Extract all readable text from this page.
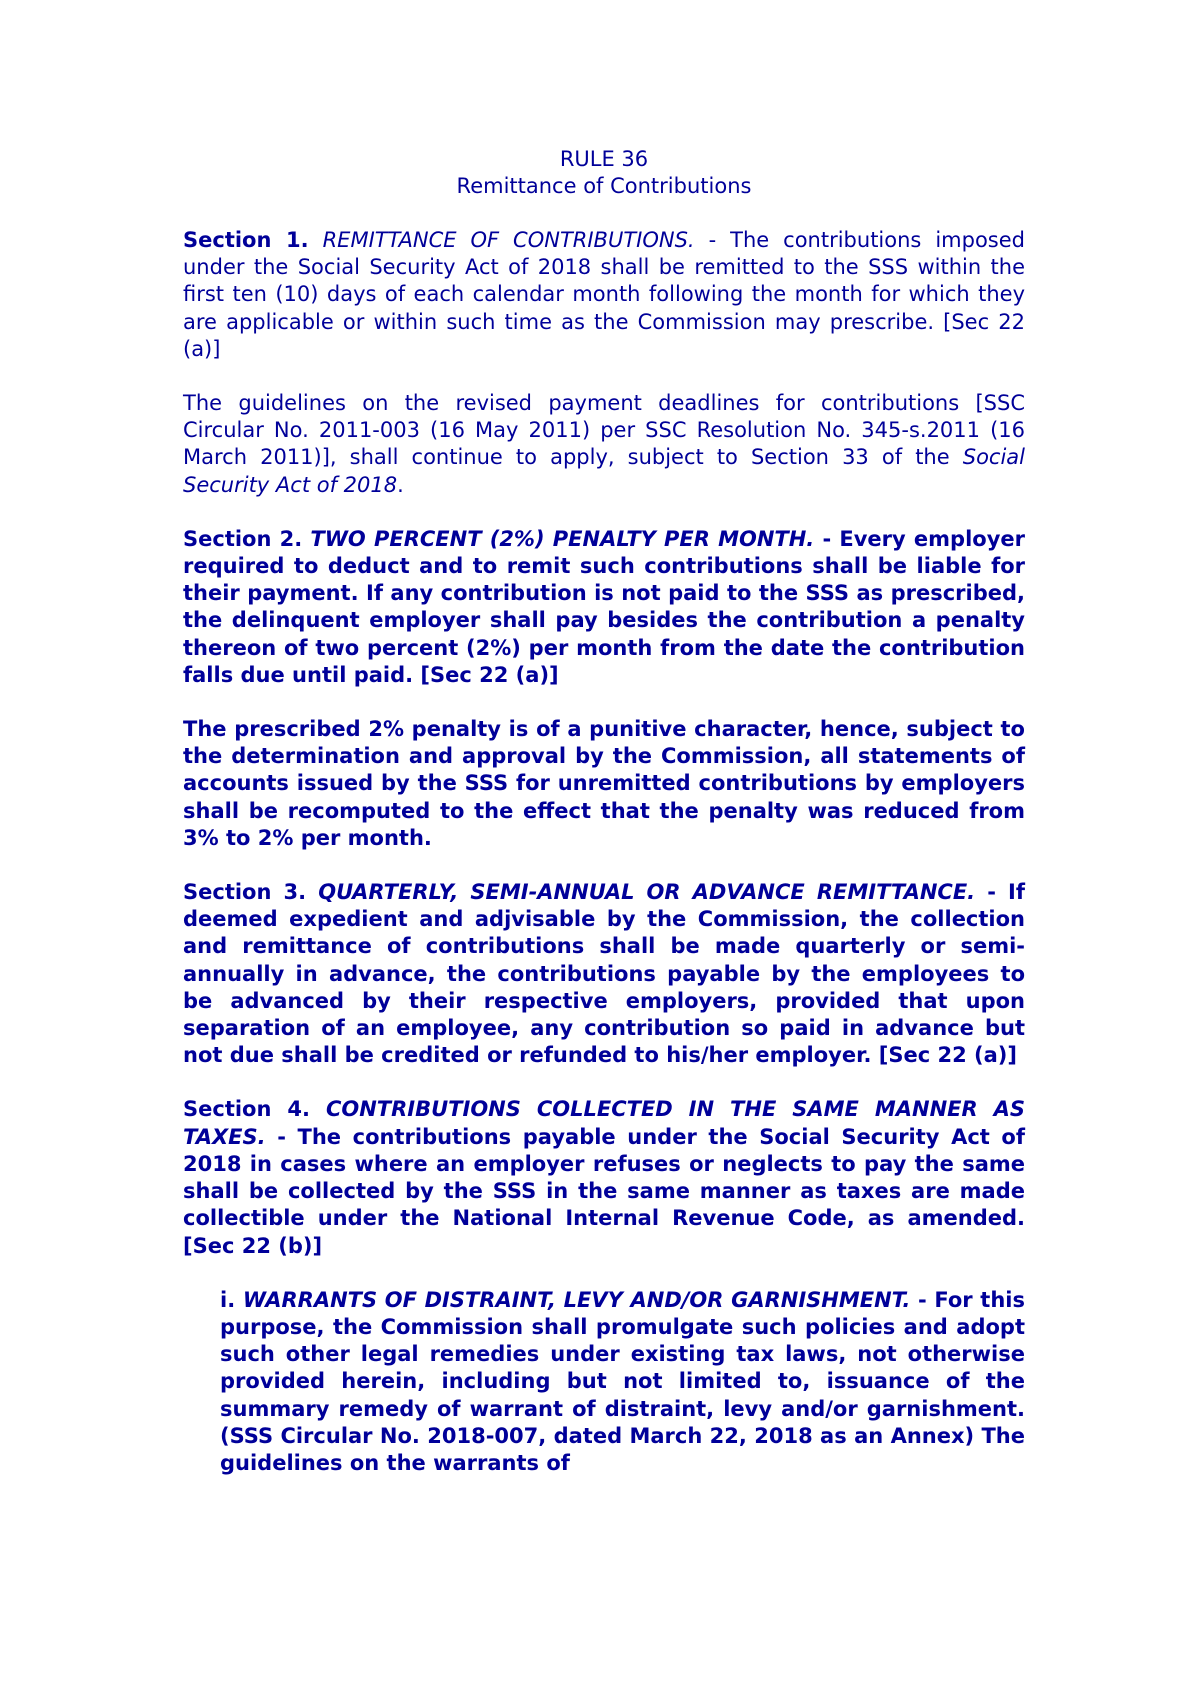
RULE 36
Remittance of Contributions

Section 1. REMITTANCE OF CONTRIBUTIONS. - The contributions imposed under the Social Security Act of 2018 shall be remitted to the SSS within the first ten (10) days of each calendar month following the month for which they are applicable or within such time as the Commission may prescribe. [Sec 22 (a)]

The guidelines on the revised payment deadlines for contributions [SSC Circular No. 2011-003 (16 May 2011) per SSC Resolution No. 345-s.2011 (16 March 2011)], shall continue to apply, subject to Section 33 of the Social Security Act of 2018.

Section 2. TWO PERCENT (2%) PENALTY PER MONTH. - Every employer required to deduct and to remit such contributions shall be liable for their payment. If any contribution is not paid to the SSS as prescribed, the delinquent employer shall pay besides the contribution a penalty thereon of two percent (2%) per month from the date the contribution falls due until paid. [Sec 22 (a)]

The prescribed 2% penalty is of a punitive character, hence, subject to the determination and approval by the Commission, all statements of accounts issued by the SSS for unremitted contributions by employers shall be recomputed to the effect that the penalty was reduced from 3% to 2% per month.

Section 3. QUARTERLY, SEMI-ANNUAL OR ADVANCE REMITTANCE. - If deemed expedient and adjvisable by the Commission, the collection and remittance of contributions shall be made quarterly or semi-annually in advance, the contributions payable by the employees to be advanced by their respective employers, provided that upon separation of an employee, any contribution so paid in advance but not due shall be credited or refunded to his/her employer. [Sec 22 (a)]

Section 4. CONTRIBUTIONS COLLECTED IN THE SAME MANNER AS TAXES. - The contributions payable under the Social Security Act of 2018 in cases where an employer refuses or neglects to pay the same shall be collected by the SSS in the same manner as taxes are made collectible under the National Internal Revenue Code, as amended. [Sec 22 (b)]

i. WARRANTS OF DISTRAINT, LEVY AND/OR GARNISHMENT. - For this purpose, the Commission shall promulgate such policies and adopt such other legal remedies under existing tax laws, not otherwise provided herein, including but not limited to, issuance of the summary remedy of warrant of distraint, levy and/or garnishment. (SSS Circular No. 2018-007, dated March 22, 2018 as an Annex) The guidelines on the warrants of
